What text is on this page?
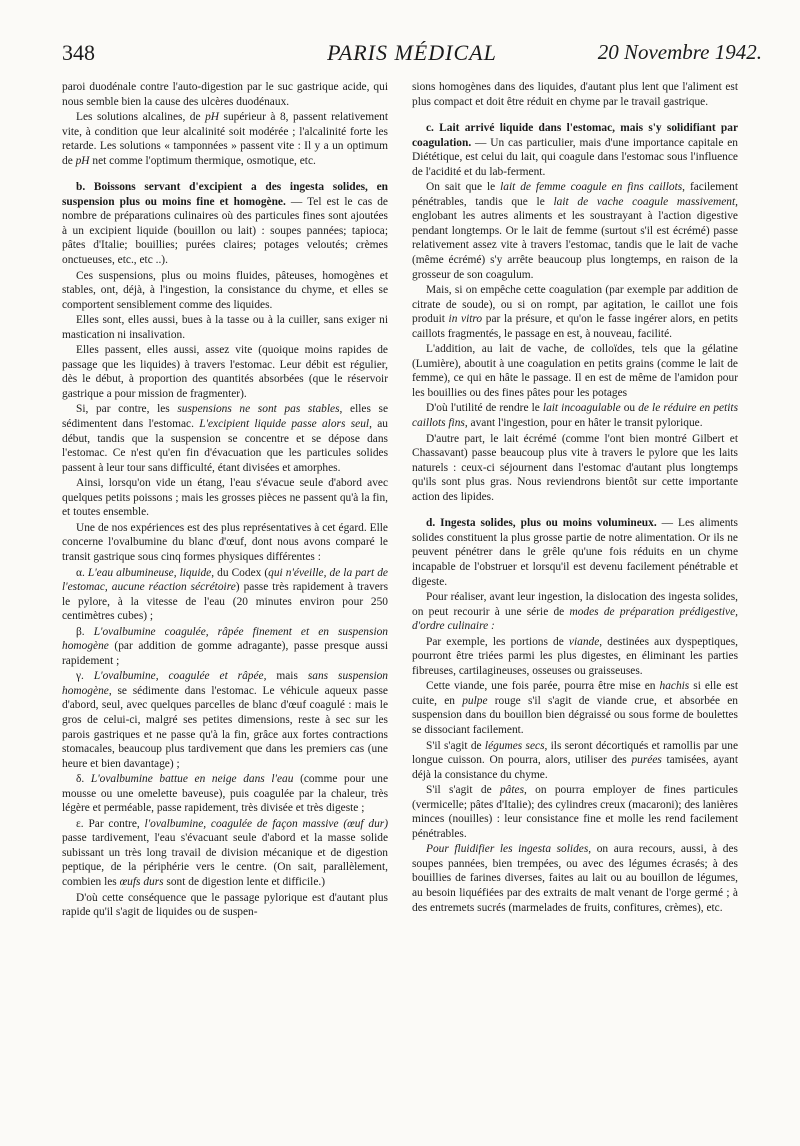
348	PARIS MÉDICAL	20 Novembre 1942.

paroi duodénale contre l'auto-digestion par le suc gastrique acide, qui nous semble bien la cause des ulcères duodénaux.

Les solutions alcalines, de pH supérieur à 8, passent relativement vite, à condition que leur alcalinité soit modérée ; l'alcalinité forte les retarde. Les solutions « tamponnées » passent vite : Il y a un optimum de pH net comme l'optimum thermique, osmotique, etc.

b. Boissons servant d'excipient a des ingesta solides, en suspension plus ou moins fine et homogène. — Tel est le cas de nombre de préparations culinaires où des particules fines sont ajoutées à un excipient liquide (bouillon ou lait) : soupes pannées; tapioca; pâtes d'Italie; bouillies; purées claires; potages veloutés; crèmes onctueuses, etc., etc ..).

Ces suspensions, plus ou moins fluides, pâteuses, homogènes et stables, ont, déjà, à l'ingestion, la consistance du chyme, et elles se comportent sensiblement comme des liquides.

Elles sont, elles aussi, bues à la tasse ou à la cuiller, sans exiger ni mastication ni insalivation.

Elles passent, elles aussi, assez vite (quoique moins rapides de passage que les liquides) à travers l'estomac. Leur débit est régulier, dès le début, à proportion des quantités absorbées (que le réservoir gastrique a pour mission de fragmenter).

Si, par contre, les suspensions ne sont pas stables, elles se sédimentent dans l'estomac. L'excipient liquide passe alors seul, au début, tandis que la suspension se concentre et se dépose dans l'estomac. Ce n'est qu'en fin d'évacuation que les particules solides passent à leur tour sans difficulté, étant divisées et amorphes.

Ainsi, lorsqu'on vide un étang, l'eau s'évacue seule d'abord avec quelques petits poissons ; mais les grosses pièces ne passent qu'à la fin, et toutes ensemble.

Une de nos expériences est des plus représentatives à cet égard. Elle concerne l'ovalbumine du blanc d'œuf, dont nous avons comparé le transit gastrique sous cinq formes physiques différentes :

α. L'eau albumineuse, liquide, du Codex (qui n'éveille, de la part de l'estomac, aucune réaction sécrétoire) passe très rapidement à travers le pylore, à la vitesse de l'eau (20 minutes environ pour 250 centimètres cubes) ;

β. L'ovalbumine coagulée, râpée finement et en suspension homogène (par addition de gomme adragante), passe presque aussi rapidement ;

γ. L'ovalbumine, coagulée et râpée, mais sans suspension homogène, se sédimente dans l'estomac. Le véhicule aqueux passe d'abord, seul, avec quelques parcelles de blanc d'œuf coagulé : mais le gros de celui-ci, malgré ses petites dimensions, reste à sec sur les parois gastriques et ne passe qu'à la fin, grâce aux fortes contractions stomacales, beaucoup plus tardivement que dans les premiers cas (une heure et bien davantage) ;

δ. L'ovalbumine battue en neige dans l'eau (comme pour une mousse ou une omelette baveuse), puis coagulée par la chaleur, très légère et perméable, passe rapidement, très divisée et très digeste ;

ε. Par contre, l'ovalbumine, coagulée de façon massive (œuf dur) passe tardivement, l'eau s'évacuant seule d'abord et la masse solide subissant un très long travail de division mécanique et de digestion peptique, de la périphérie vers le centre. (On sait, parallèlement, combien les œufs durs sont de digestion lente et difficile.)

D'où cette conséquence que le passage pylorique est d'autant plus rapide qu'il s'agit de liquides ou de suspen-

sions homogènes dans des liquides, d'autant plus lent que l'aliment est plus compact et doit être réduit en chyme par le travail gastrique.

c. Lait arrivé liquide dans l'estomac, mais s'y solidifiant par coagulation. — Un cas particulier, mais d'une importance capitale en Diététique, est celui du lait, qui coagule dans l'estomac sous l'influence de l'acidité et du lab-ferment.

On sait que le lait de femme coagule en fins caillots, facilement pénétrables, tandis que le lait de vache coagule massivement, englobant les autres aliments et les soustrayant à l'action digestive pendant longtemps. Or le lait de femme (surtout s'il est écrémé) passe relativement assez vite à travers l'estomac, tandis que le lait de vache (même écrémé) s'y arrête beaucoup plus longtemps, en raison de la grosseur de son coagulum.

Mais, si on empêche cette coagulation (par exemple par addition de citrate de soude), ou si on rompt, par agitation, le caillot une fois produit in vitro par la présure, et qu'on le fasse ingérer alors, en petits caillots fragmentés, le passage en est, à nouveau, facilité.

L'addition, au lait de vache, de colloïdes, tels que la gélatine (Lumière), aboutit à une coagulation en petits grains (comme le lait de femme), ce qui en hâte le passage. Il en est de même de l'amidon pour les bouillies ou des fines pâtes pour les potages

D'où l'utilité de rendre le lait incoagulable ou de le réduire en petits caillots fins, avant l'ingestion, pour en hâter le transit pylorique.

D'autre part, le lait écrémé (comme l'ont bien montré Gilbert et Chassavant) passe beaucoup plus vite à travers le pylore que les laits naturels : ceux-ci séjournent dans l'estomac d'autant plus longtemps qu'ils sont plus gras. Nous reviendrons bientôt sur cette importante action des lipides.

d. Ingesta solides, plus ou moins volumineux. — Les aliments solides constituent la plus grosse partie de notre alimentation. Or ils ne peuvent pénétrer dans le grêle qu'une fois réduits en un chyme incapable de l'obstruer et lorsqu'il est devenu facilement pénétrable et digeste.

Pour réaliser, avant leur ingestion, la dislocation des ingesta solides, on peut recourir à une série de modes de préparation prédigestive, d'ordre culinaire :

Par exemple, les portions de viande, destinées aux dyspeptiques, pourront être triées parmi les plus digestes, en éliminant les parties fibreuses, cartilagineuses, osseuses ou graisseuses.

Cette viande, une fois parée, pourra être mise en hachis si elle est cuite, en pulpe rouge s'il s'agit de viande crue, et absorbée en suspension dans du bouillon bien dégraissé ou sous forme de boulettes se dissociant facilement.

S'il s'agit de légumes secs, ils seront décortiqués et ramollis par une longue cuisson. On pourra, alors, utiliser des purées tamisées, ayant déjà la consistance du chyme.

S'il s'agit de pâtes, on pourra employer de fines particules (vermicelle; pâtes d'Italie); des cylindres creux (macaroni); des lanières minces (nouilles) : leur consistance fine et molle les rend facilement pénétrables.

Pour fluidifier les ingesta solides, on aura recours, aussi, à des soupes pannées, bien trempées, ou avec des légumes écrasés; à des bouillies de farines diverses, faites au lait ou au bouillon de légumes, au besoin liquéfiées par des extraits de malt venant de l'orge germé ; à des entremets sucrés (marmelades de fruits, confitures, crèmes), etc.
